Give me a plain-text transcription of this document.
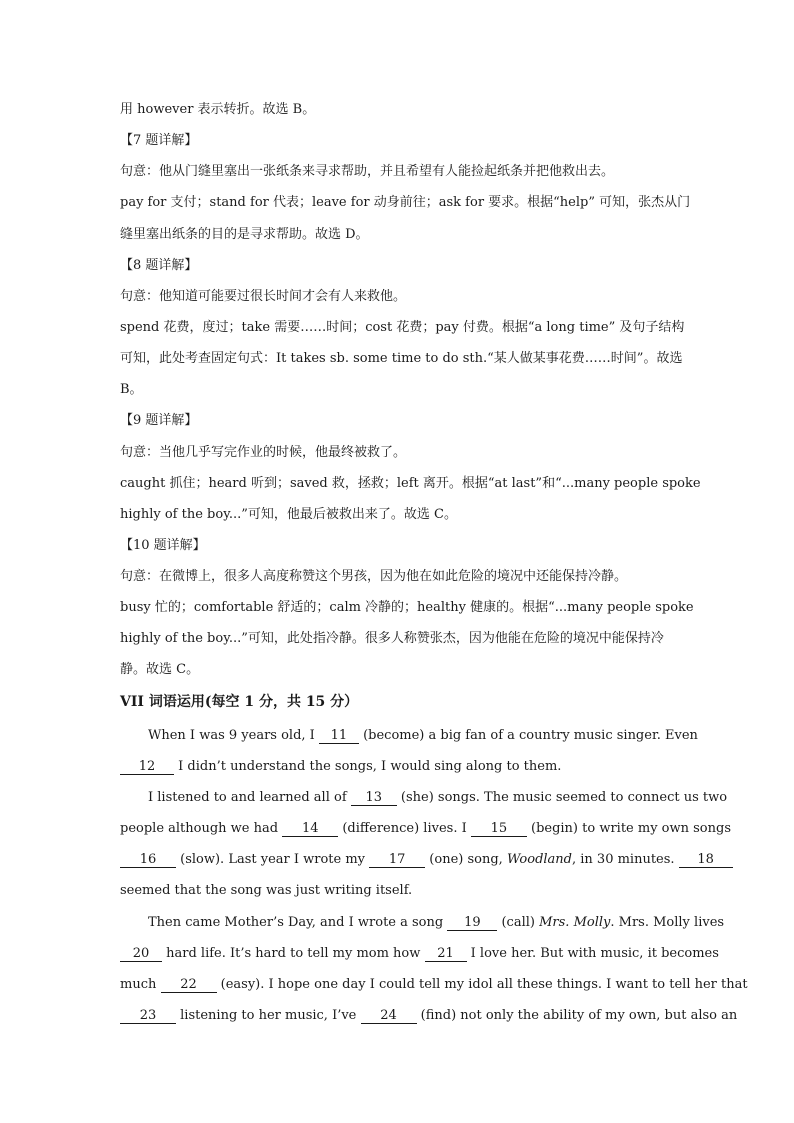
用 however 表示转折。故选 B。
【7 题详解】
句意：他从门缝里塞出一张纸条来寻求帮助，并且希望有人能捡起纸条并把他救出去。
pay for 支付；stand for 代表；leave for 动身前往；ask for 要求。根据“help” 可知，张杰从门
缝里塞出纸条的目的是寻求帮助。故选 D。
【8 题详解】
句意：他知道可能要过很长时间才会有人来救他。
spend 花费，度过；take 需要……时间；cost 花费；pay 付费。根据“a long time” 及句子结构
可知，此处考查固定句式：It takes sb. some time to do sth.“某人做某事花费……时间”。故选
B。
【9 题详解】
句意：当他几乎写完作业的时候，他最终被救了。
caught 抓住；heard 听到；saved 救，拯救；left 离开。根据“at last”和“...many people spoke
highly of the boy...”可知，他最后被救出来了。故选 C。
【10 题详解】
句意：在微博上，很多人高度称赞这个男孩，因为他在如此危险的境况中还能保持冷静。
busy 忙的；comfortable 舒适的；calm 冷静的；healthy 健康的。根据“...many people spoke
highly of the boy...”可知，此处指冷静。很多人称赞张杰，因为他能在危险的境况中能保持冷
静。故选 C。
VII 词语运用(每空 1 分，共 15 分）
When I was 9 years old, I 11 (become) a big fan of a country music singer. Even
12 I didn’t understand the songs, I would sing along to them.
I listened to and learned all of 13 (she) songs. The music seemed to connect us two
people although we had 14 (difference) lives. I 15 (begin) to write my own songs
16 (slow). Last year I wrote my 17 (one) song, Woodland, in 30 minutes. 18
seemed that the song was just writing itself.
Then came Mother’s Day, and I wrote a song 19 (call) Mrs. Molly. Mrs. Molly lives
20 hard life. It’s hard to tell my mom how 21 I love her. But with music, it becomes
much 22 (easy). I hope one day I could tell my idol all these things. I want to tell her that
23 listening to her music, I’ve 24 (find) not only the ability of my own, but also an
